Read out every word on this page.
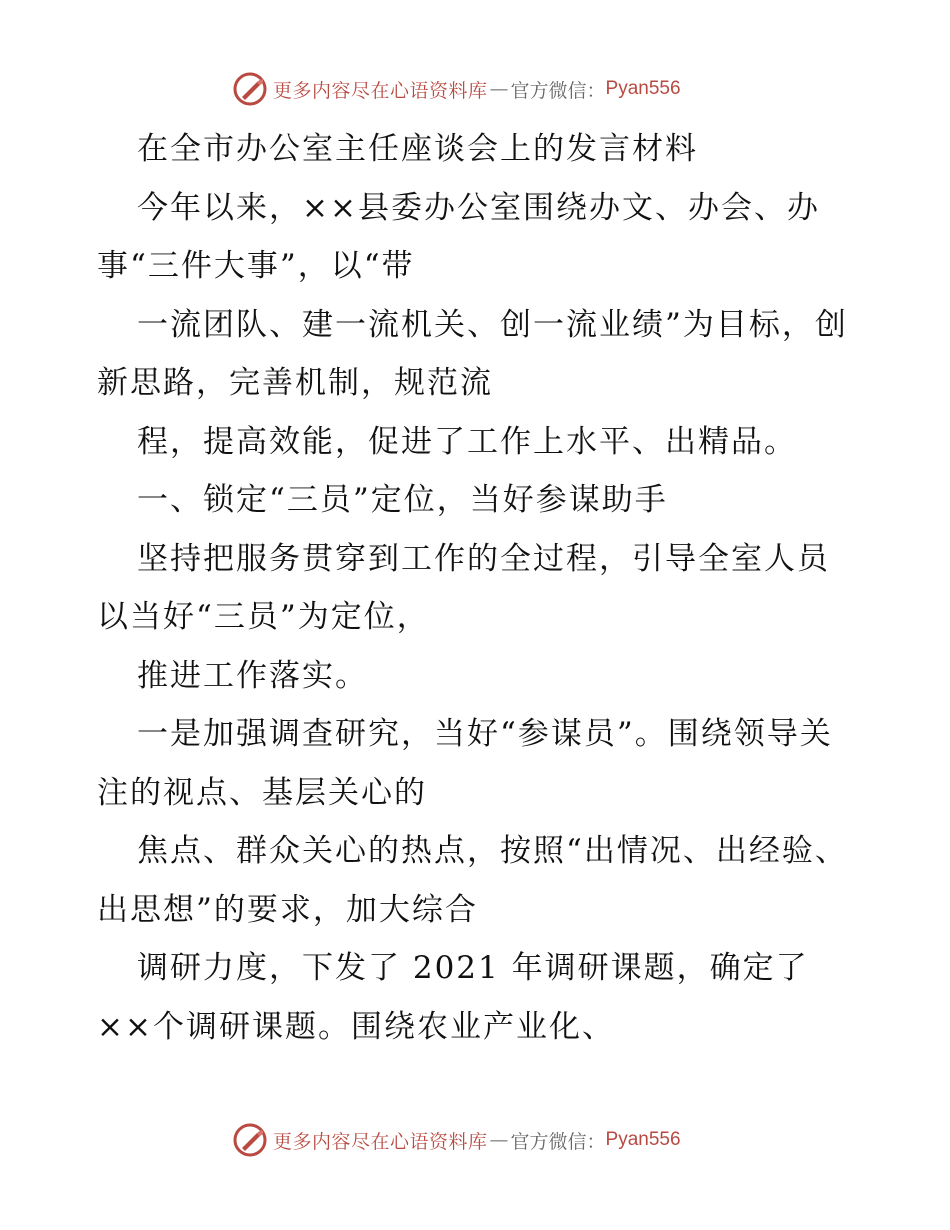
更多内容尽在心语资料库 — 官方微信： Pyan556

在全市办公室主任座谈会上的发言材料

今年以来，××县委办公室围绕办文、办会、办事“三件大事”，以“带

一流团队、建一流机关、创一流业绩”为目标，创新思路，完善机制，规范流

程，提高效能，促进了工作上水平、出精品。

一、锁定“三员”定位，当好参谋助手

坚持把服务贯穿到工作的全过程，引导全室人员以当好“三员”为定位，

推进工作落实。

一是加强调查研究，当好“参谋员”。围绕领导关注的视点、基层关心的

焦点、群众关心的热点，按照“出情况、出经验、出思想”的要求，加大综合

调研力度，下发了 2021 年调研课题，确定了××个调研课题。围绕农业产业化、

更多内容尽在心语资料库 — 官方微信： Pyan556
